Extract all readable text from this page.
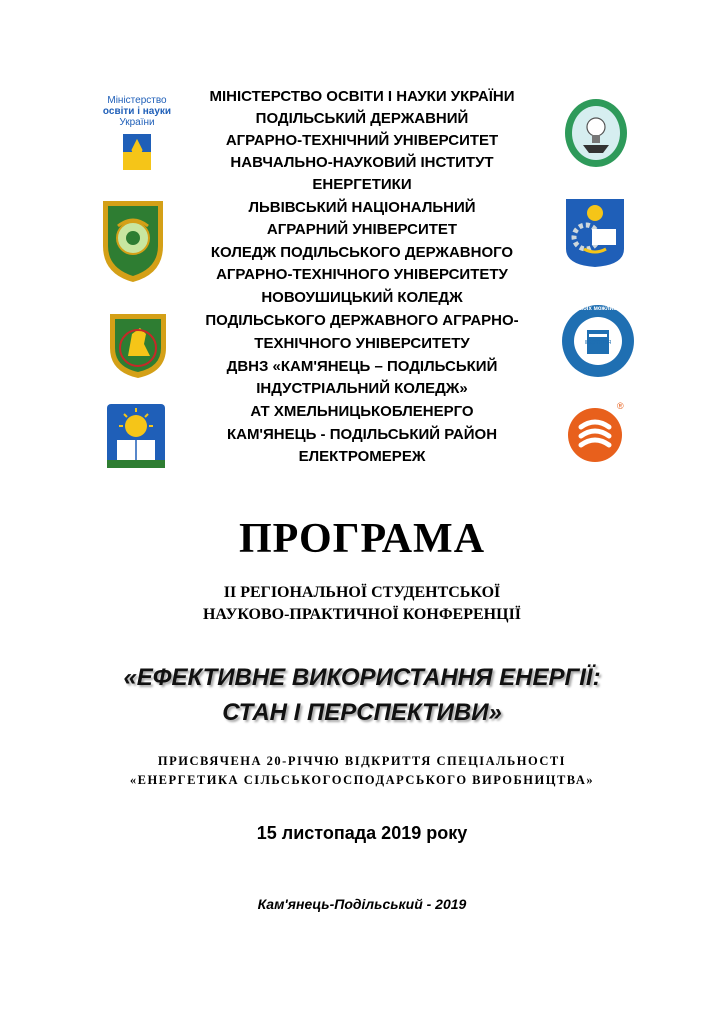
МІНІСТЕРСТВО ОСВІТИ І НАУКИ УКРАЇНИ
ПОДІЛЬСЬКИЙ ДЕРЖАВНИЙ
АГРАРНО-ТЕХНІЧНИЙ УНІВЕРСИТЕТ
НАВЧАЛЬНО-НАУКОВИЙ ІНСТИТУТ
ЕНЕРГЕТИКИ
ЛЬВІВСЬКИЙ НАЦІОНАЛЬНИЙ
АГРАРНИЙ УНІВЕРСИТЕТ
КОЛЕДЖ ПОДІЛЬСЬКОГО ДЕРЖАВНОГО
АГРАРНО-ТЕХНІЧНОГО УНІВЕРСИТЕТУ
НОВОУШИЦЬКИЙ КОЛЕДЖ
ПОДІЛЬСЬКОГО ДЕРЖАВНОГО АГРАРНО-
ТЕХНІЧНОГО УНІВЕРСИТЕТУ
ДВНЗ «КАМ'ЯНЕЦЬ – ПОДІЛЬСЬКИЙ
ІНДУСТРІАЛЬНИЙ КОЛЕДЖ»
АТ ХМЕЛЬНИЦЬКОБЛЕНЕРГО
КАМ'ЯНЕЦЬ - ПОДІЛЬСЬКИЙ РАЙОН
ЕЛЕКТРОМЕРЕЖ
Міністерство
освіти і науки
України
Світ твоїх можливостей
ІНДУСТРІЯ
®
ПРОГРАМА
ІІ РЕГІОНАЛЬНОЇ СТУДЕНТСЬКОЇ
НАУКОВО-ПРАКТИЧНОЇ КОНФЕРЕНЦІЇ
«ЕФЕКТИВНЕ ВИКОРИСТАННЯ ЕНЕРГІЇ:
СТАН І ПЕРСПЕКТИВИ»
ПРИСВЯЧЕНА 20-РІЧЧЮ ВІДКРИТТЯ СПЕЦІАЛЬНОСТІ
«ЕНЕРГЕТИКА СІЛЬСЬКОГОСПОДАРСЬКОГО ВИРОБНИЦТВА»
15 листопада 2019 року
Кам'янець-Подільський - 2019
